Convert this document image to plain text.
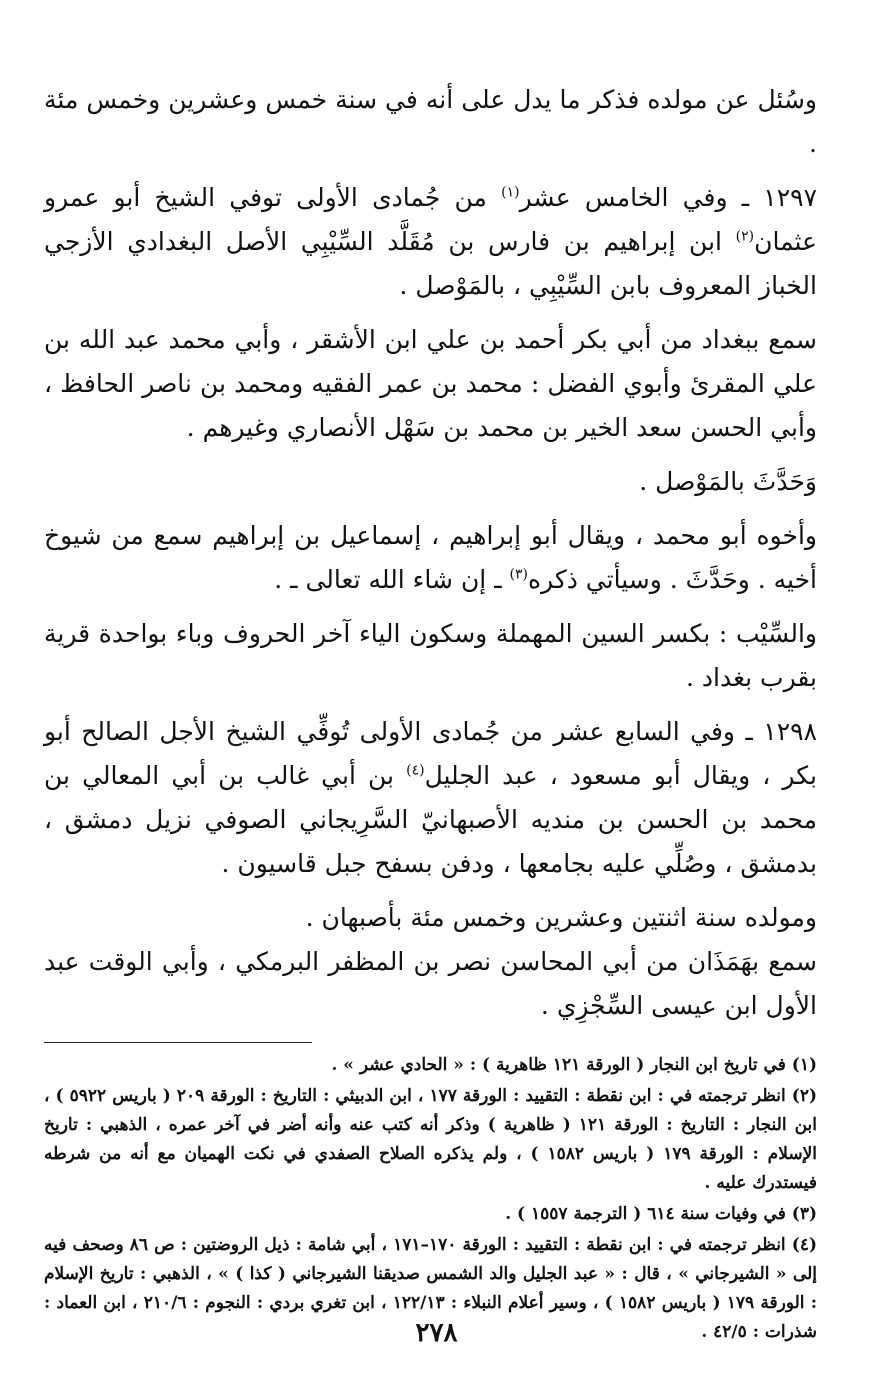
وسُئل عن مولده فذكر ما يدل على أنه في سنة خمس وعشرين وخمس مئة .

١٢٩٧ ـ وفي الخامس عشر$^{(١)}$ من جُمادى الأولى توفي الشيخ أبو عمرو عثمان$^{(٢)}$ ابن إبراهيم بن فارس بن مُقَلَّد السِّيْبِي الأصل البغدادي الأزجي الخباز المعروف بابن السِّيْبِي ، بالمَوْصل .

سمع ببغداد من أبي بكر أحمد بن علي ابن الأشقر ، وأبي محمد عبد الله بن علي المقرئ وأبوي الفضل : محمد بن عمر الفقيه ومحمد بن ناصر الحافظ ، وأبي الحسن سعد الخير بن محمد بن سَهْل الأنصاري وغيرهم .

وَحَدَّثَ بالمَوْصل .

وأخوه أبو محمد ، ويقال أبو إبراهيم ، إسماعيل بن إبراهيم سمع من شيوخ أخيه . وحَدَّثَ . وسيأتي ذكره$^{(٣)}$ ـ إن شاء الله تعالى ـ .

والسِّيْب : بكسر السين المهملة وسكون الياء آخر الحروف وباء بواحدة قرية بقرب بغداد .

١٢٩٨ ـ وفي السابع عشر من جُمادى الأولى تُوفِّي الشيخ الأجل الصالح أبو بكر ، ويقال أبو مسعود ، عبد الجليل$^{(٤)}$ بن أبي غالب بن أبي المعالي بن محمد بن الحسن بن منديه الأصبهانيّ السَّرِيجاني الصوفي نزيل دمشق ، بدمشق ، وصُلِّي عليه بجامعها ، ودفن بسفح جبل قاسيون .

ومولده سنة اثنتين وعشرين وخمس مئة بأصبهان .

سمع بهَمَذَان من أبي المحاسن نصر بن المظفر البرمكي ، وأبي الوقت عبد الأول ابن عيسى السِّجْزِي .

(١) في تاريخ ابن النجار ( الورقة ١٢١ ظاهرية ) : « الحادي عشر » .
(٢) انظر ترجمته في : ابن نقطة : التقييد : الورقة ١٧٧ ، ابن الدبيثي : التاريخ : الورقة ٢٠٩ ( باريس ٥٩٢٢ ) ، ابن النجار : التاريخ : الورقة ١٢١ ( ظاهرية ) وذكر أنه كتب عنه وأنه أضر في آخر عمره ، الذهبي : تاريخ الإسلام : الورقة ١٧٩ ( باريس ١٥٨٢ ) ، ولم يذكره الصلاح الصفدي في نكت الهميان مع أنه من شرطه فيستدرك عليه .
(٣) في وفيات سنة ٦١٤ ( الترجمة ١٥٥٧ ) .
(٤) انظر ترجمته في : ابن نقطة : التقييد : الورقة ١٧٠–١٧١ ، أبي شامة : ذيل الروضتين : ص ٨٦ وصحف فيه إلى « الشيرجاني » ، قال : « عبد الجليل والد الشمس صديقنا الشيرجاني ( كذا ) » ، الذهبي : تاريخ الإسلام : الورقة ١٧٩ ( باريس ١٥٨٢ ) ، وسير أعلام النبلاء : ١٢٢/١٣ ، ابن تغري بردي : النجوم : ٢١٠/٦ ، ابن العماد : شذرات : ٤٢/٥ .
٢٧٨
